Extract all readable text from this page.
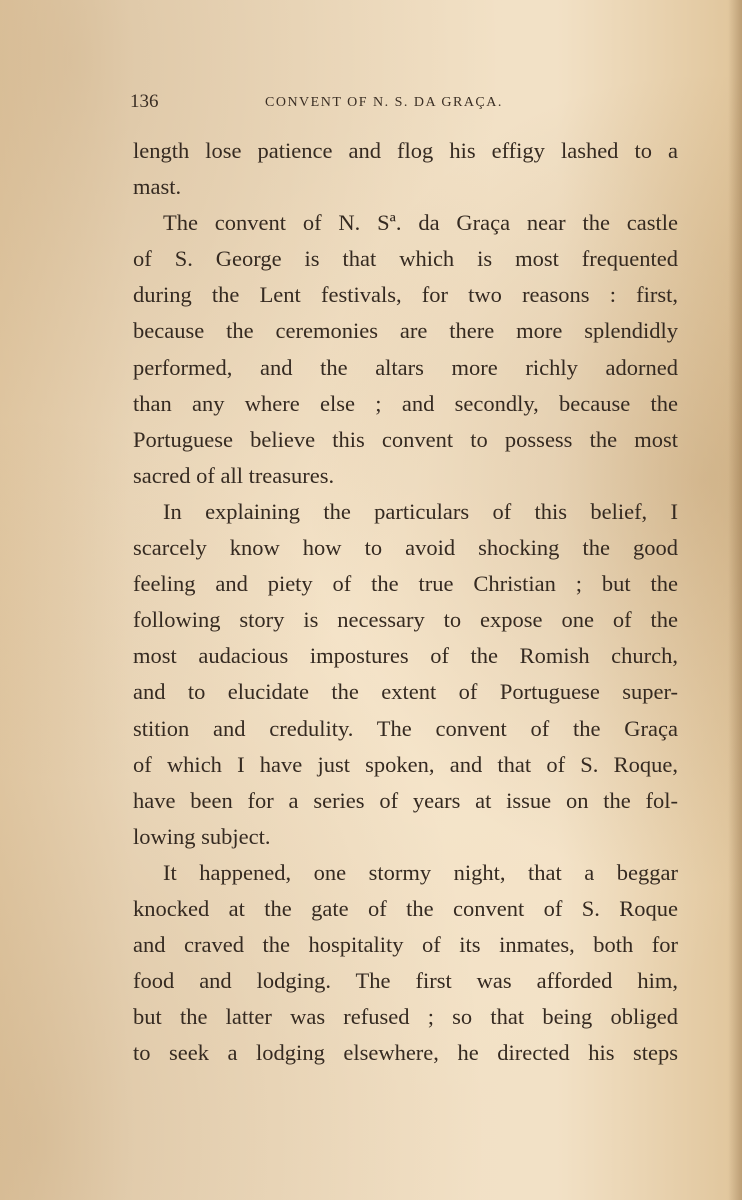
136	CONVENT OF N. S. DA GRAÇA.
length lose patience and flog his effigy lashed to a
mast.
The convent of N. Sª. da Graça near the castle
of S. George is that which is most frequented
during the Lent festivals, for two reasons : first,
because the ceremonies are there more splendidly
performed, and the altars more richly adorned
than any where else ; and secondly, because the
Portuguese believe this convent to possess the most
sacred of all treasures.
In explaining the particulars of this belief, I
scarcely know how to avoid shocking the good
feeling and piety of the true Christian ; but the
following story is necessary to expose one of the
most audacious impostures of the Romish church,
and to elucidate the extent of Portuguese super-
stition and credulity. The convent of the Graça
of which I have just spoken, and that of S. Roque,
have been for a series of years at issue on the fol-
lowing subject.
It happened, one stormy night, that a beggar
knocked at the gate of the convent of S. Roque
and craved the hospitality of its inmates, both for
food and lodging. The first was afforded him,
but the latter was refused ; so that being obliged
to seek a lodging elsewhere, he directed his steps
